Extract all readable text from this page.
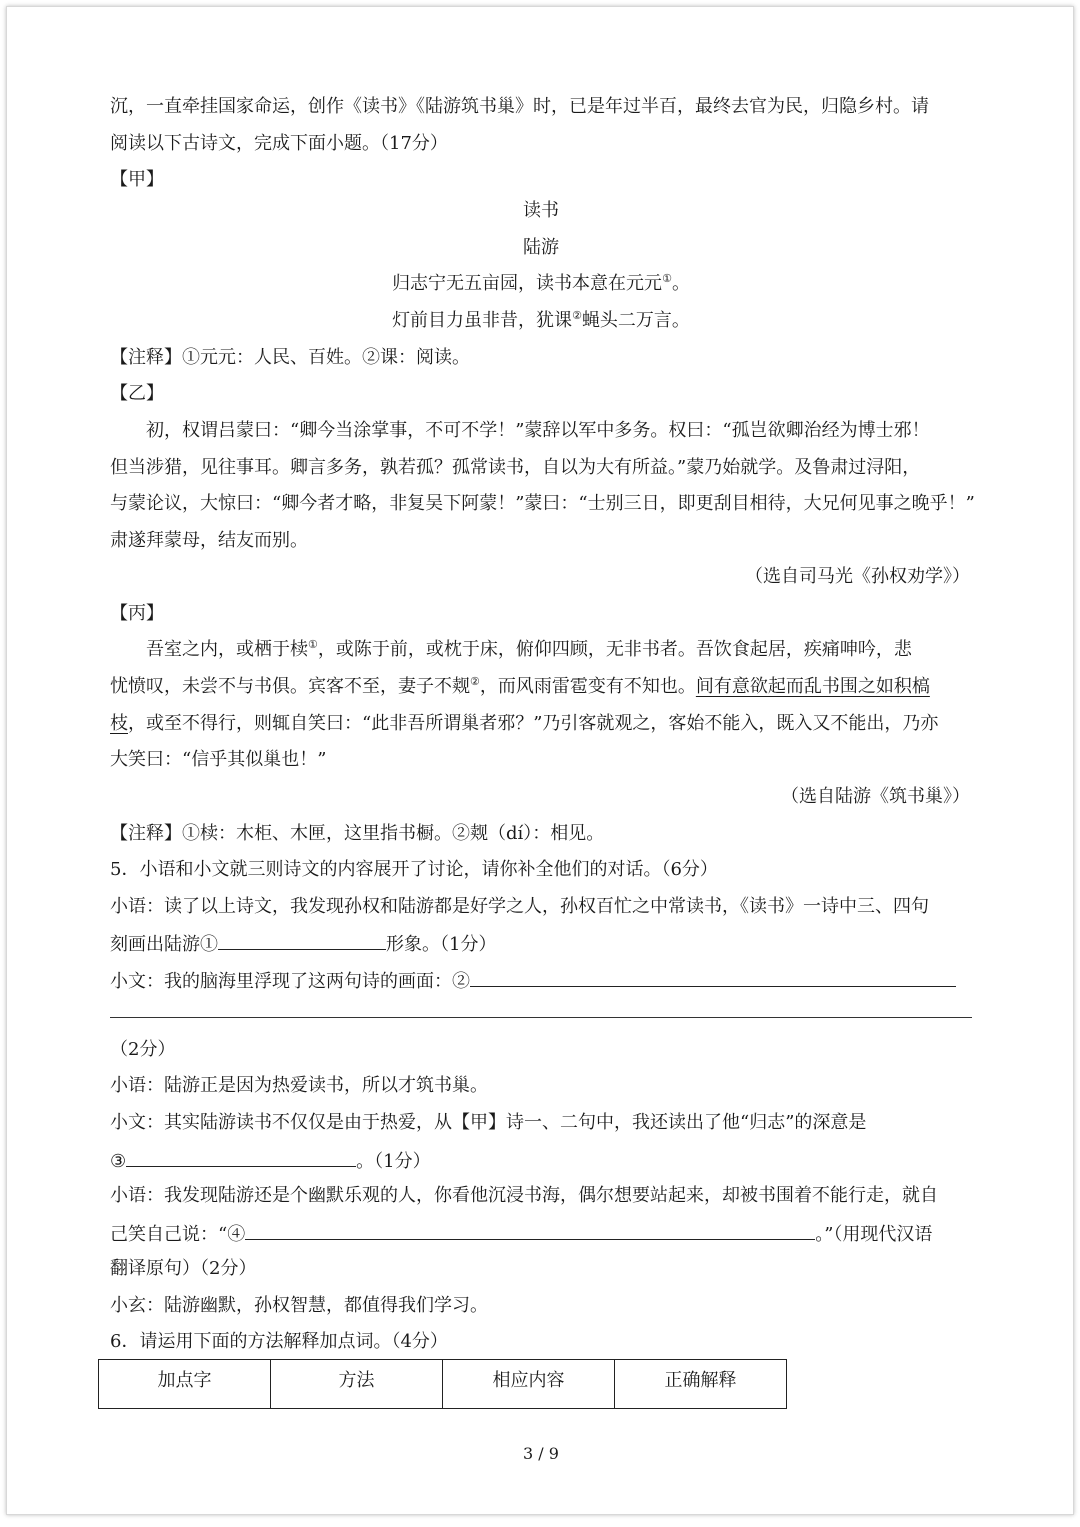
沉，一直牵挂国家命运，创作《读书》《陆游筑书巢》时，已是年过半百，最终去官为民，归隐乡村。请
阅读以下古诗文，完成下面小题。（17分）
【甲】
读书
陆游
归志宁无五亩园，读书本意在元元①。
灯前目力虽非昔，犹课②蝇头二万言。
【注释】①元元：人民、百姓。②课：阅读。
【乙】
初，权谓吕蒙曰：“卿今当涂掌事，不可不学！”蒙辞以军中多务。权曰：“孤岂欲卿治经为博士邪！
但当涉猎，见往事耳。卿言多务，孰若孤？孤常读书，自以为大有所益。”蒙乃始就学。及鲁肃过浔阳，
与蒙论议，大惊曰：“卿今者才略，非复吴下阿蒙！”蒙曰：“士别三日，即更刮目相待，大兄何见事之晚乎！”
肃遂拜蒙母，结友而别。
（选自司马光《孙权劝学》）
【丙】
吾室之内，或栖于椟①，或陈于前，或枕于床，俯仰四顾，无非书者。吾饮食起居，疾痛呻吟，悲
忧愤叹，未尝不与书俱。宾客不至，妻子不觌②，而风雨雷雹变有不知也。间有意欲起而乱书围之如积槁
枝，或至不得行，则辄自笑曰：“此非吾所谓巢者邪？”乃引客就观之，客始不能入，既入又不能出，乃亦
大笑曰：“信乎其似巢也！”
（选自陆游《筑书巢》）
【注释】①椟：木柜、木匣，这里指书橱。②觌（dí）：相见。
5．小语和小文就三则诗文的内容展开了讨论，请你补全他们的对话。（6分）
小语：读了以上诗文，我发现孙权和陆游都是好学之人，孙权百忙之中常读书，《读书》一诗中三、四句
刻画出陆游①	形象。（1分）
小文：我的脑海里浮现了这两句诗的画面：②
（2分）
小语：陆游正是因为热爱读书，所以才筑书巢。
小文：其实陆游读书不仅仅是由于热爱，从【甲】诗一、二句中，我还读出了他“归志”的深意是
③	。（1分）
小语：我发现陆游还是个幽默乐观的人，你看他沉浸书海，偶尔想要站起来，却被书围着不能行走，就自
己笑自己说：“④	。”（用现代汉语
翻译原句）（2分）
小玄：陆游幽默，孙权智慧，都值得我们学习。
6．请运用下面的方法解释加点词。（4分）
加点字	方法	相应内容	正确解释
3 / 9
